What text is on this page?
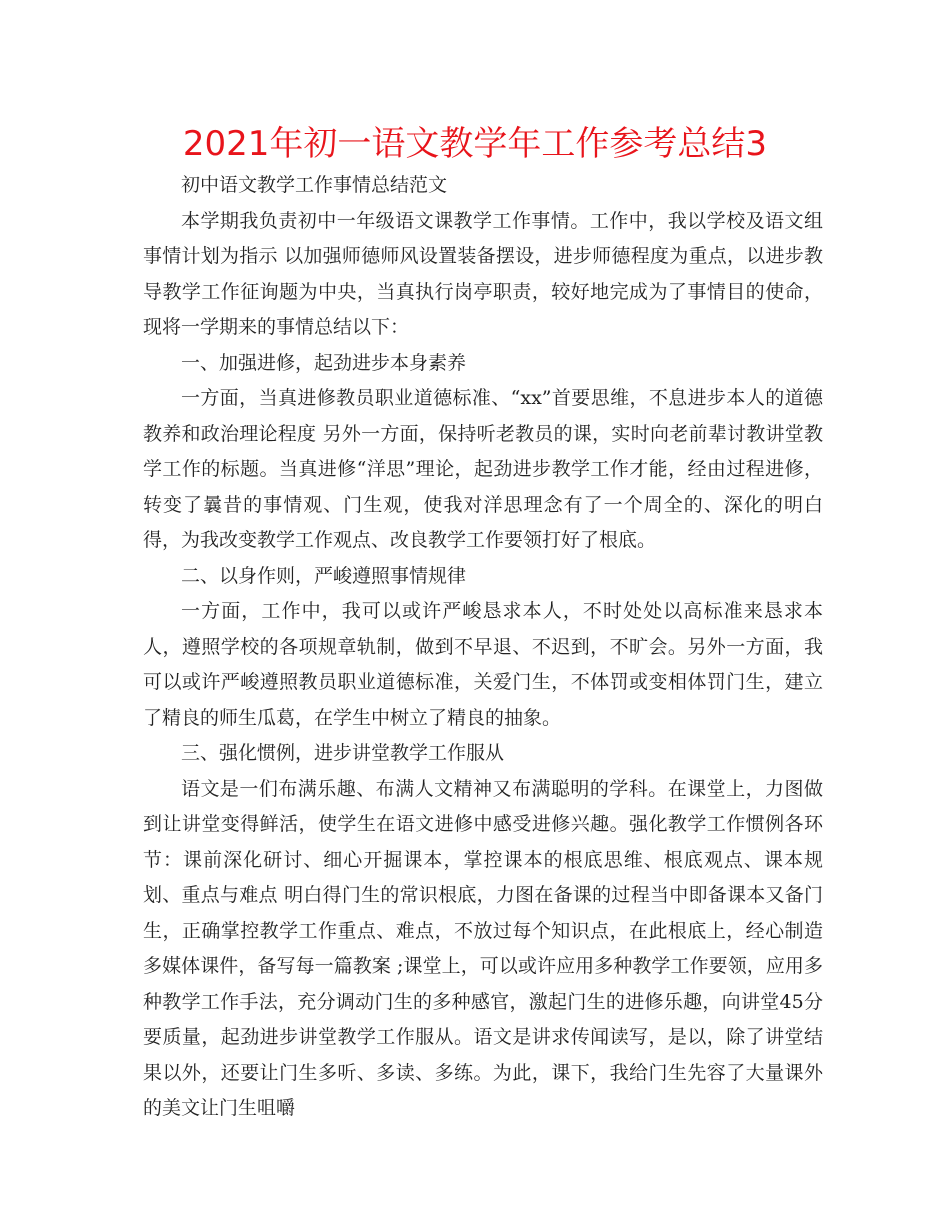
2021年初一语文教学年工作参考总结3

初中语文教学工作事情总结范文

本学期我负责初中一年级语文课教学工作事情。工作中，我以学校及语文组事情计划为指示 以加强师德师风设置装备摆设，进步师德程度为重点，以进步教导教学工作征询题为中央，当真执行岗亭职责，较好地完成为了事情目的使命，现将一学期来的事情总结以下：

一、加强进修，起劲进步本身素养

一方面，当真进修教员职业道德标准、“xx”首要思维，不息进步本人的道德教养和政治理论程度 另外一方面，保持听老教员的课，实时向老前辈讨教讲堂教学工作的标题。当真进修“洋思”理论，起劲进步教学工作才能，经由过程进修，转变了曩昔的事情观、门生观，使我对洋思理念有了一个周全的、深化的明白得，为我改变教学工作观点、改良教学工作要领打好了根底。

二、以身作则，严峻遵照事情规律

一方面，工作中，我可以或许严峻恳求本人，不时处处以高标准来恳求本人，遵照学校的各项规章轨制，做到不早退、不迟到，不旷会。另外一方面，我可以或许严峻遵照教员职业道德标准，关爱门生，不体罚或变相体罚门生，建立了精良的师生瓜葛，在学生中树立了精良的抽象。

三、强化惯例，进步讲堂教学工作服从

语文是一们布满乐趣、布满人文精神又布满聪明的学科。在课堂上，力图做到让讲堂变得鲜活，使学生在语文进修中感受进修兴趣。强化教学工作惯例各环节：课前深化研讨、细心开掘课本，掌控课本的根底思维、根底观点、课本规划、重点与难点 明白得门生的常识根底，力图在备课的过程当中即备课本又备门生，正确掌控教学工作重点、难点，不放过每个知识点，在此根底上，经心制造多媒体课件，备写每一篇教案 ;课堂上，可以或许应用多种教学工作要领，应用多种教学工作手法，充分调动门生的多种感官，激起门生的进修乐趣，向讲堂45分要质量，起劲进步讲堂教学工作服从。语文是讲求传闻读写，是以，除了讲堂结果以外，还要让门生多听、多读、多练。为此，课下，我给门生先容了大量课外的美文让门生咀嚼
